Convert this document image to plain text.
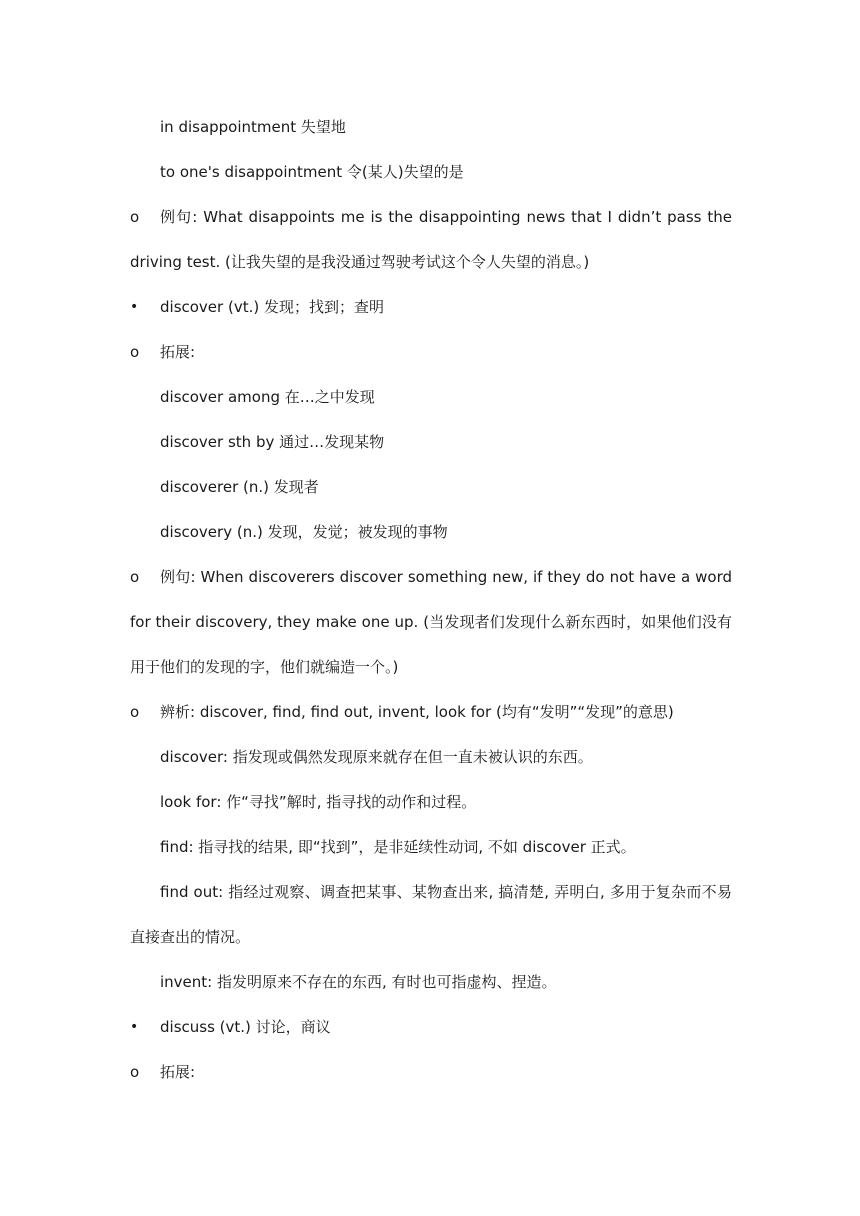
in disappointment 失望地
to one's disappointment 令(某人)失望的是
o	例句: What disappoints me is the disappointing news that I didn’t pass the
driving test. (让我失望的是我没通过驾驶考试这个令人失望的消息。)
•	discover (vt.) 发现；找到；查明
o	拓展:
discover among 在…之中发现
discover sth by 通过…发现某物
discoverer (n.) 发现者
discovery (n.) 发现，发觉；被发现的事物
o	例句: When discoverers discover something new, if they do not have a word
for their discovery, they make one up. (当发现者们发现什么新东西时，如果他们没有
用于他们的发现的字，他们就编造一个。)
o	辨析: discover, find, find out, invent, look for (均有“发明”“发现”的意思)
discover: 指发现或偶然发现原来就存在但一直未被认识的东西。
look for: 作“寻找”解时, 指寻找的动作和过程。
find: 指寻找的结果, 即“找到”，是非延续性动词, 不如 discover 正式。
find out: 指经过观察、调查把某事、某物查出来, 搞清楚, 弄明白, 多用于复杂而不易
直接查出的情况。
invent: 指发明原来不存在的东西, 有时也可指虚构、捏造。
•	discuss (vt.) 讨论，商议
o	拓展:
